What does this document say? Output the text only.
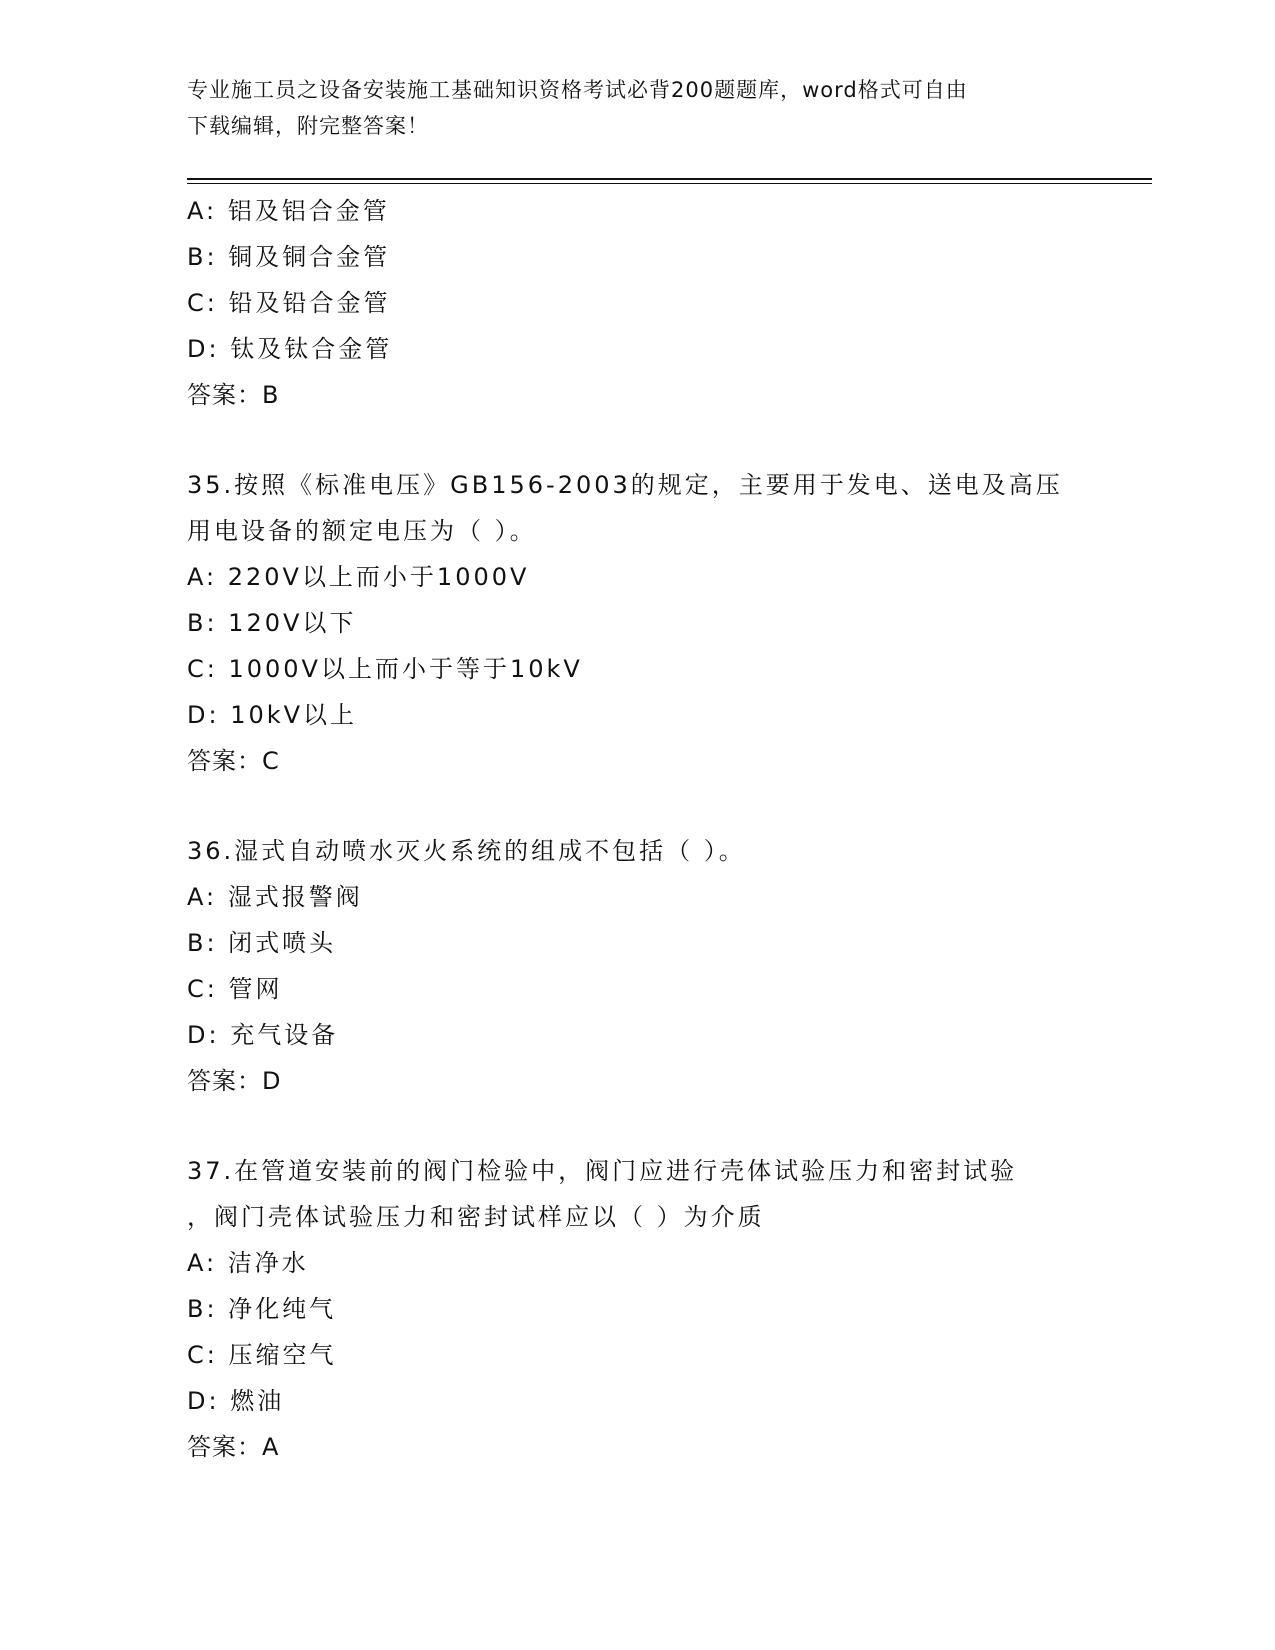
专业施工员之设备安装施工基础知识资格考试必背200题题库，word格式可自由
下载编辑，附完整答案！
A: 铝及铝合金管
B: 铜及铜合金管
C: 铅及铅合金管
D: 钛及钛合金管
答案：B
35.按照《标准电压》GB156-2003的规定，主要用于发电、送电及高压
用电设备的额定电压为（ ）。
A: 220V以上而小于1000V
B: 120V以下
C: 1000V以上而小于等于10kV
D: 10kV以上
答案：C
36.湿式自动喷水灭火系统的组成不包括（ ）。
A: 湿式报警阀
B: 闭式喷头
C: 管网
D: 充气设备
答案：D
37.在管道安装前的阀门检验中，阀门应进行壳体试验压力和密封试验
，阀门壳体试验压力和密封试样应以（ ）为介质
A: 洁净水
B: 净化纯气
C: 压缩空气
D: 燃油
答案：A
